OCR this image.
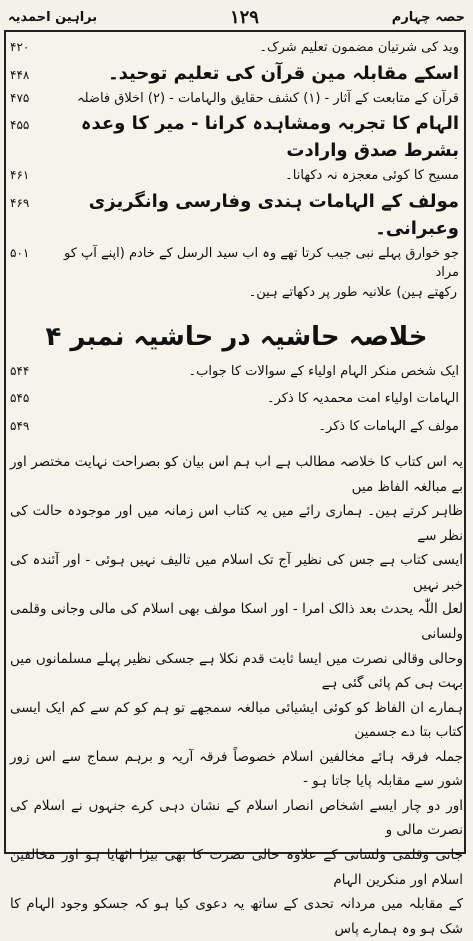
براہین احمدیہ	۱۲۹	حصہ چہارم
وید کی شرتیان مضمون تعلیم شرک۔
۴۲۰
اسکے مقابلہ مین قرآن کی تعلیم توحید۔
۴۴۸
قرآن کے متابعت کے آثار - (۱) کشف حقایق والہامات - (۲) اخلاق فاضلہ
۴۷۵
الہام کا تجربہ ومشاہدہ کرانا - میر کا وعدہ بشرط صدق وارادت
۴۵۵
مسیح کا کوئی معجزہ نہ دکھانا۔
۴۶۱
مولف کے الہامات ہندی وفارسی وانگریزی وعبرانی۔
۴۶۹
جو خوارق پہلے نبی جیب کرتا تھے وہ اب سید الرسل کے خادم (اپنے آپ کو مراد
۵۰۱
رکھتے ہین) علانیہ طور پر دکھاتے ہین۔
خلاصہ حاشیہ در حاشیہ نمبر ۴
ایک شخص منکر الہام اولیاء کے سوالات کا جواب۔
۵۴۴
الہامات اولیاء امت محمدیہ کا ذکر۔
۵۴۵
مولف کے الہامات کا ذکر۔
۵۴۹

یہ اس کتاب کا خلاصہ مطالب ہے اب ہم اس بیان کو بصراحت نہایت مختصر اور بے مبالغہ الفاظ میں

ظاہر کرتے ہین۔ ہماری رائے میں یہ کتاب اس زمانہ میں اور موجودہ حالت کی نظر سے

ایسی کتاب ہے جس کی نظیر آج تک اسلام میں تالیف نہیں ہوئی - اور آئندہ کی خبر نہیں

لعل اللّٰہ یحدث بعد ذالک امرا - اور اسکا مولف بھی اسلام کی مالی وجانی وقلمی ولسانی

وحالی وقالی نصرت میں ایسا ثابت قدم نکلا ہے جسکی نظیر پہلے مسلمانوں میں بہت ہی کم پائی گئی ہے

ہمارے ان الفاظ کو کوئی ایشیائی مبالغہ سمجھے تو ہم کو کم سے کم ایک ایسی کتاب بتا دے جسمین

جملہ فرقہ ہائے مخالفین اسلام خصوصاً فرقہ آریہ و برہم سماج سے اس زور شور سے مقابلہ پایا جاتا ہو -

اور دو چار ایسے اشخاص انصار اسلام کے نشان دہی کرے جنہوں نے اسلام کی نصرت مالی و

جانی وقلمی ولسانی کے علاوہ حالی نصرت کا بھی بیڑا اٹھایا ہو اور مخالفین اسلام اور منکرین الہام

کے مقابلہ میں مردانہ تحدی کے ساتھ یہ دعوی کیا ہو کہ جسکو وجود الہام کا شک ہو وہ ہمارے پاس
